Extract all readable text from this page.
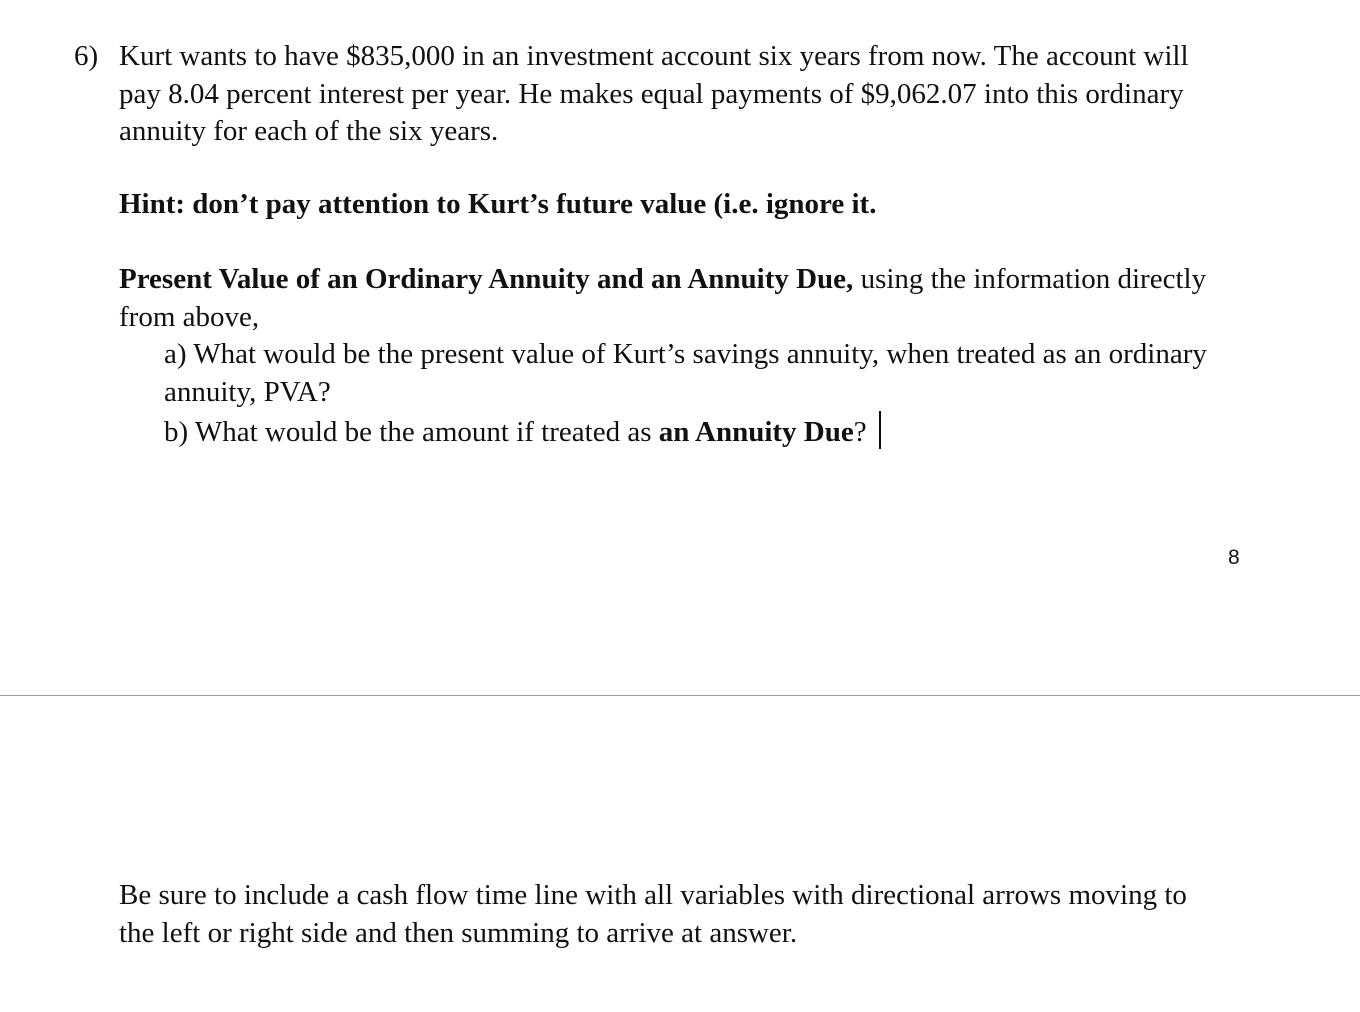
6) Kurt wants to have $835,000 in an investment account six years from now. The account will
pay 8.04 percent interest per year. He makes equal payments of $9,062.07 into this ordinary
annuity for each of the six years.
Hint: don’t pay attention to Kurt’s future value (i.e. ignore it.
Present Value of an Ordinary Annuity and an Annuity Due, using the information directly
from above,
a) What would be the present value of Kurt’s savings annuity, when treated as an ordinary
annuity, PVA?
b) What would be the amount if treated as an Annuity Due?
8
Be sure to include a cash flow time line with all variables with directional arrows moving to
the left or right side and then summing to arrive at answer.
